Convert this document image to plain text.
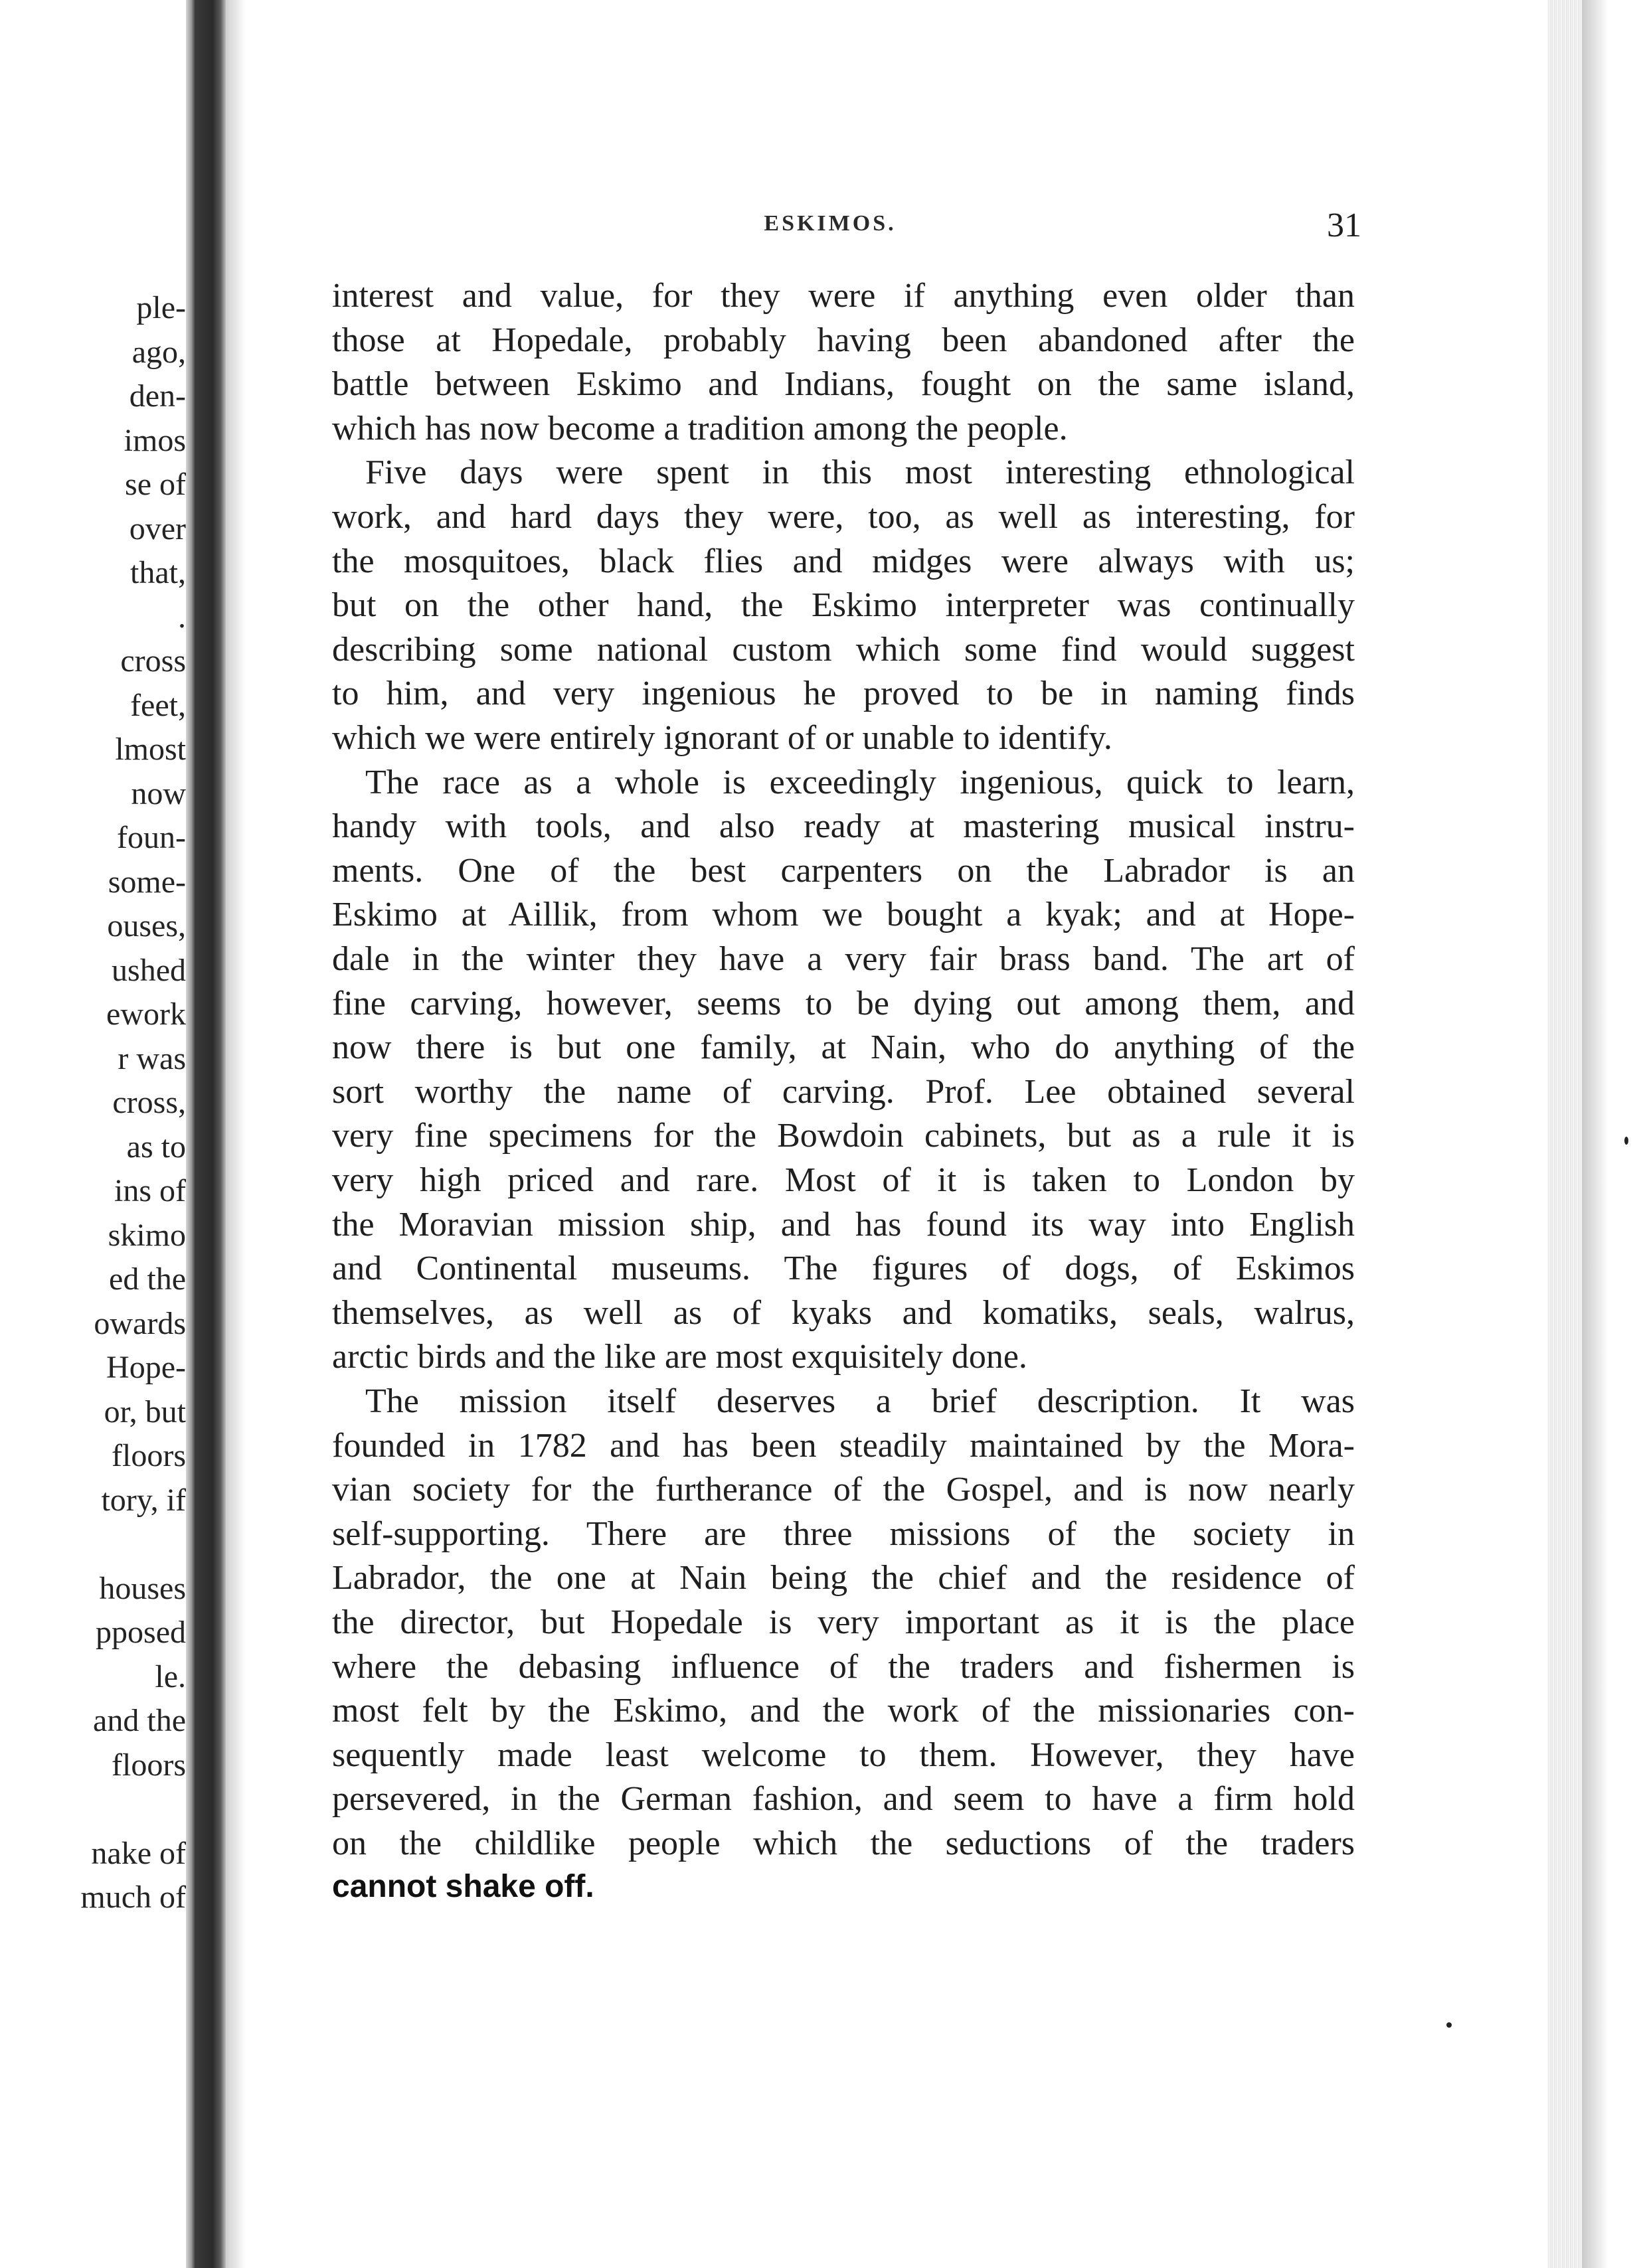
ple-
ago,
den-
imos
se of
over
that,
.
cross
feet,
lmost
now
foun-
some-
ouses,
ushed
ework
r was
cross,
as to
ins of
skimo
ed the
owards
Hope-
or, but
floors
tory, if
houses
pposed
le.
and the
floors
nake of
much of
ESKIMOS.	31
interest and value, for they were if anything even older than
those at Hopedale, probably having been abandoned after the
battle between Eskimo and Indians, fought on the same island,
which has now become a tradition among the people.
Five days were spent in this most interesting ethnological
work, and hard days they were, too, as well as interesting, for
the mosquitoes, black flies and midges were always with us;
but on the other hand, the Eskimo interpreter was continually
describing some national custom which some find would suggest
to him, and very ingenious he proved to be in naming finds
which we were entirely ignorant of or unable to identify.
The race as a whole is exceedingly ingenious, quick to learn,
handy with tools, and also ready at mastering musical instru-
ments. One of the best carpenters on the Labrador is an
Eskimo at Aillik, from whom we bought a kyak; and at Hope-
dale in the winter they have a very fair brass band. The art of
fine carving, however, seems to be dying out among them, and
now there is but one family, at Nain, who do anything of the
sort worthy the name of carving. Prof. Lee obtained several
very fine specimens for the Bowdoin cabinets, but as a rule it is
very high priced and rare. Most of it is taken to London by
the Moravian mission ship, and has found its way into English
and Continental museums. The figures of dogs, of Eskimos
themselves, as well as of kyaks and komatiks, seals, walrus,
arctic birds and the like are most exquisitely done.
The mission itself deserves a brief description. It was
founded in 1782 and has been steadily maintained by the Mora-
vian society for the furtherance of the Gospel, and is now nearly
self-supporting. There are three missions of the society in
Labrador, the one at Nain being the chief and the residence of
the director, but Hopedale is very important as it is the place
where the debasing influence of the traders and fishermen is
most felt by the Eskimo, and the work of the missionaries con-
sequently made least welcome to them. However, they have
persevered, in the German fashion, and seem to have a firm hold
on the childlike people which the seductions of the traders
cannot shake off.
